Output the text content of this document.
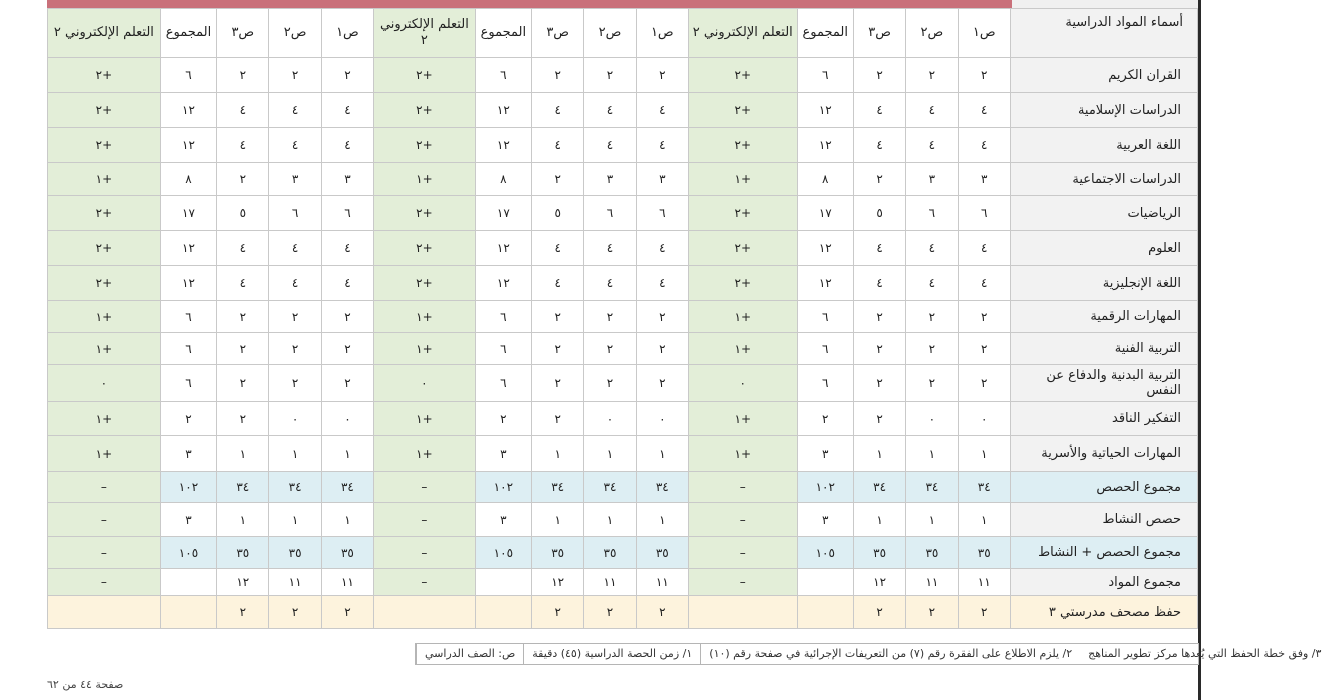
أسماء المواد الدراسية	ص١	ص٢	ص٣	المجموع	التعلم الإلكتروني ٢	ص١	ص٢	ص٣	المجموع	التعلم الإلكتروني ٢	ص١	ص٢	ص٣	المجموع	التعلم الإلكتروني ٢
القران الكريم	٢	٢	٢	٦	+٢	٢	٢	٢	٦	+٢	٢	٢	٢	٦	+٢
الدراسات الإسلامية	٤	٤	٤	١٢	+٢	٤	٤	٤	١٢	+٢	٤	٤	٤	١٢	+٢
اللغة العربية	٤	٤	٤	١٢	+٢	٤	٤	٤	١٢	+٢	٤	٤	٤	١٢	+٢
الدراسات الاجتماعية	٣	٣	٢	٨	+١	٣	٣	٢	٨	+١	٣	٣	٢	٨	+١
الرياضيات	٦	٦	٥	١٧	+٢	٦	٦	٥	١٧	+٢	٦	٦	٥	١٧	+٢
العلوم	٤	٤	٤	١٢	+٢	٤	٤	٤	١٢	+٢	٤	٤	٤	١٢	+٢
اللغة الإنجليزية	٤	٤	٤	١٢	+٢	٤	٤	٤	١٢	+٢	٤	٤	٤	١٢	+٢
المهارات الرقمية	٢	٢	٢	٦	+١	٢	٢	٢	٦	+١	٢	٢	٢	٦	+١
التربية الفنية	٢	٢	٢	٦	+١	٢	٢	٢	٦	+١	٢	٢	٢	٦	+١
التربية البدنية والدفاع عن النفس	٢	٢	٢	٦	٠	٢	٢	٢	٦	٠	٢	٢	٢	٦	٠
التفكير الناقد	٠	٠	٢	٢	+١	٠	٠	٢	٢	+١	٠	٠	٢	٢	+١
المهارات الحياتية والأسرية	١	١	١	٣	+١	١	١	١	٣	+١	١	١	١	٣	+١
مجموع الحصص	٣٤	٣٤	٣٤	١٠٢	–	٣٤	٣٤	٣٤	١٠٢	–	٣٤	٣٤	٣٤	١٠٢	–
حصص النشاط	١	١	١	٣	–	١	١	١	٣	–	١	١	١	٣	–
مجموع الحصص + النشاط	٣٥	٣٥	٣٥	١٠٥	–	٣٥	٣٥	٣٥	١٠٥	–	٣٥	٣٥	٣٥	١٠٥	–
مجموع المواد	١١	١١	١٢		–	١١	١١	١٢		–	١١	١١	١٢		–
حفظ مصحف مدرستي ٣	٢	٢	٢			٢	٢	٢			٢	٢	٢		
ص: الصف الدراسي	١/ زمن الحصة الدراسية (٤٥) دقيقة	٢/ يلزم الاطلاع على الفقرة رقم (٧) من التعريفات الإجرائية في صفحة رقم (١٠)	٣/ وفق خطة الحفظ التي يُعدها مركز تطوير المناهج
صفحة ٤٤ من ٦٢
